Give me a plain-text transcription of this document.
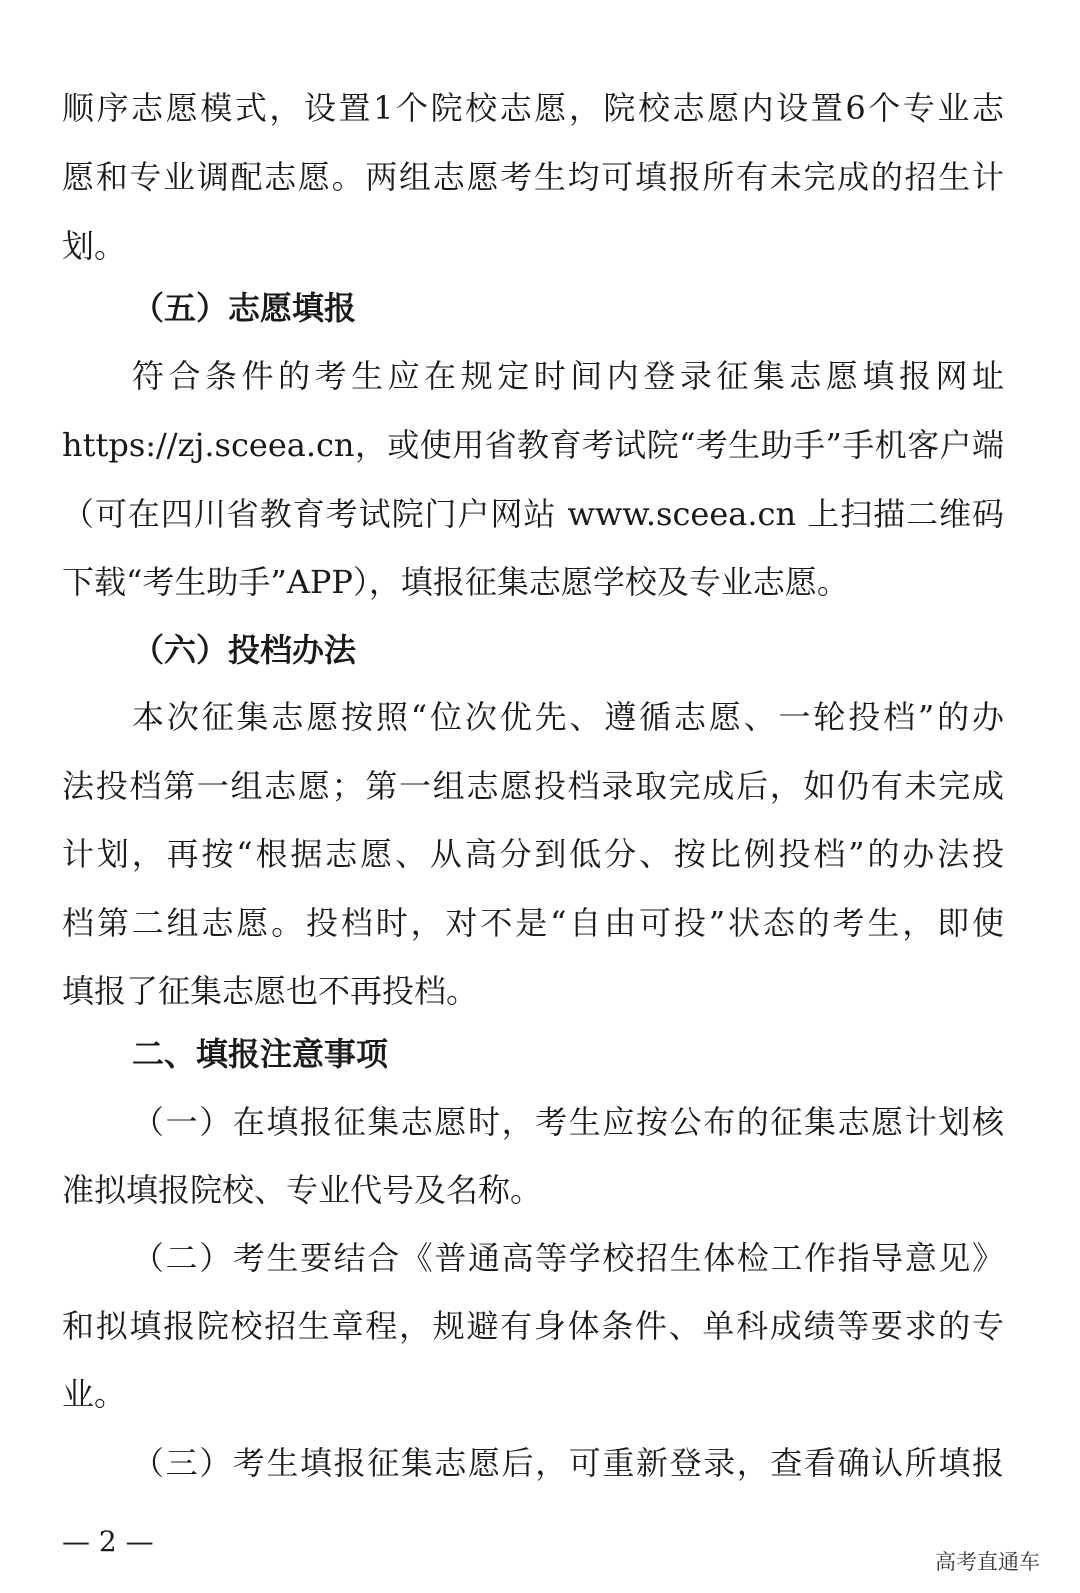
顺序志愿模式，设置1个院校志愿，院校志愿内设置6个专业志
愿和专业调配志愿。两组志愿考生均可填报所有未完成的招生计
划。
（五）志愿填报
符合条件的考生应在规定时间内登录征集志愿填报网址
https://zj.sceea.cn，或使用省教育考试院“考生助手”手机客户端
（可在四川省教育考试院门户网站 www.sceea.cn 上扫描二维码
下载“考生助手”APP），填报征集志愿学校及专业志愿。
（六）投档办法
本次征集志愿按照“位次优先、遵循志愿、一轮投档”的办
法投档第一组志愿；第一组志愿投档录取完成后，如仍有未完成
计划，再按“根据志愿、从高分到低分、按比例投档”的办法投
档第二组志愿。投档时，对不是“自由可投”状态的考生，即使
填报了征集志愿也不再投档。
二、填报注意事项
（一）在填报征集志愿时，考生应按公布的征集志愿计划核
准拟填报院校、专业代号及名称。
（二）考生要结合《普通高等学校招生体检工作指导意见》
和拟填报院校招生章程，规避有身体条件、单科成绩等要求的专
业。
（三）考生填报征集志愿后，可重新登录，查看确认所填报
— 2 —
高考直通车
